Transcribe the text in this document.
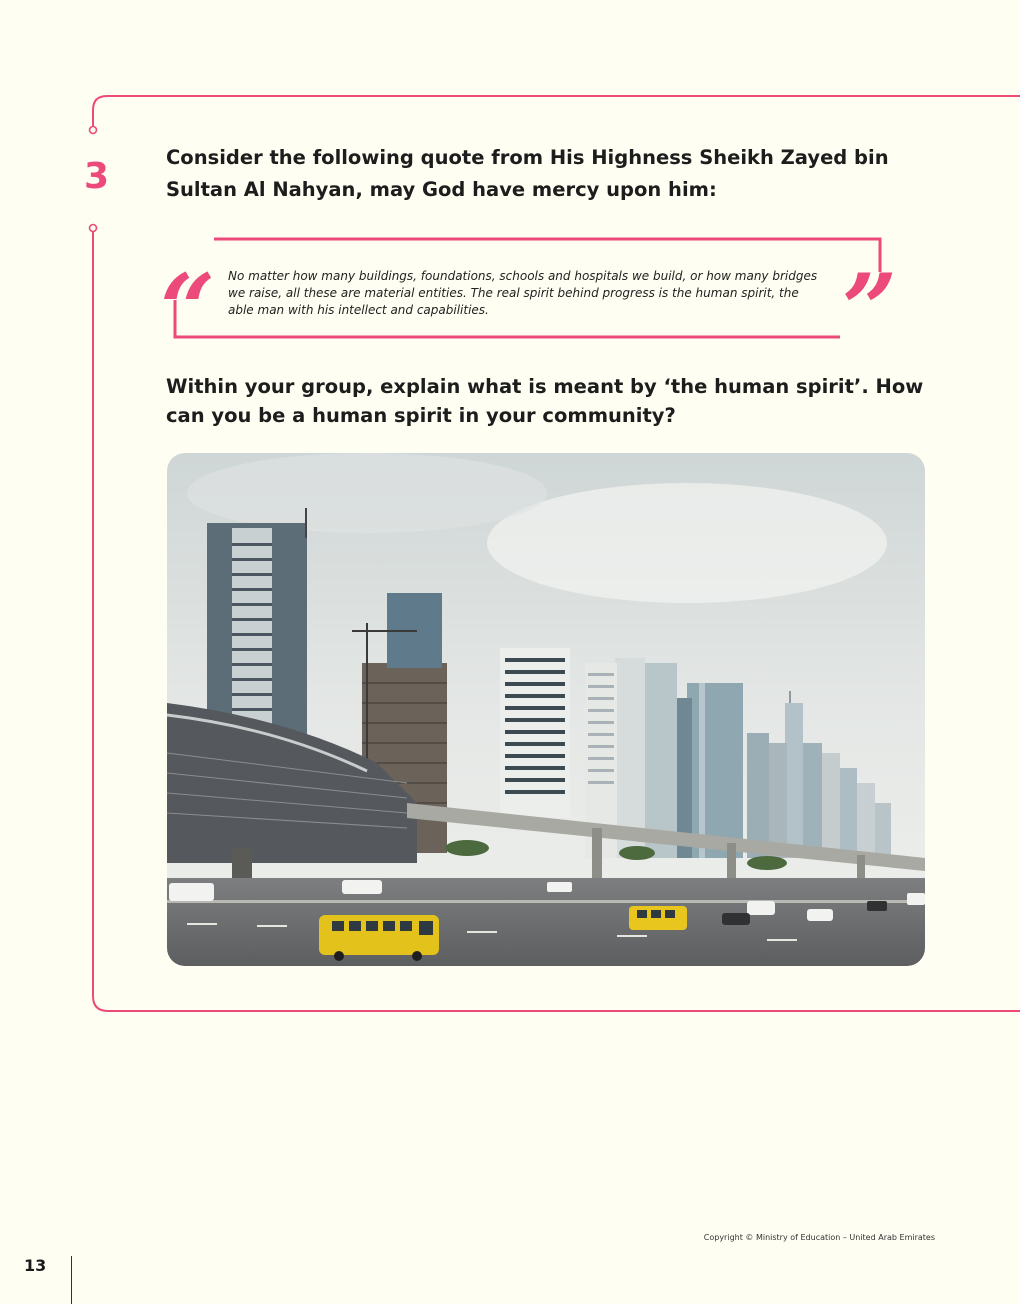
3	Consider the following quote from His Highness Sheikh Zayed bin Sultan Al Nahyan, may God have mercy upon him:
“ No matter how many buildings, foundations, schools and hospitals we build, or how many bridges we raise, all these are material entities. The real spirit behind progress is the human spirit, the able man with his intellect and capabilities.	”
Within your group, explain what is meant by ‘the human spirit’. How can you be a human spirit in your community?
Copyright © Ministry of Education – United Arab Emirates
13
